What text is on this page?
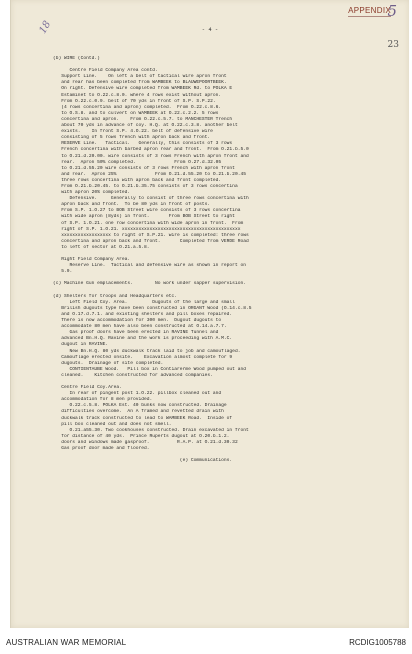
5
APPENDIX
23
18	- 4 -
(b) WIRE (Contd.)
Centre Field Company Area contd.
Support Line.    On left a belt of tactical wire apron front
and rear has been completed from WAMBEEK to BLAUWEPOORTBEEK.
On right. Defensive wire completed from WAMBEEK Rd. to POLKA E
Estaminet to O.22.c.8.0. where 4 rows exist without apron.
From O.22.c.0.9. belt of 70 yds in front of S.P. S.P.22.
(4 rows concertina and apron) completed.  From O.22.c.8.6.
to O.S.8. and to culvert on WAMBEEK at O.22.c.2.2. 5 rows
concertina and apron.    From O.22.c.5.7. to MANCHESTER Trench
about 70 yds in advance of coy. H.Q. at O.22.c.3.8. another belt
exists.    In front S.P. 4.O.22. belt of defensive wire
consisting of 5 rows french with apron back and front.
RESERVE Line.   Tactical.   Generally, this consists of 3 rows
French concertina with barbed apron rear and front.  From O.21.b.5.0
to O.21.d.20.00. wire consists of 3 rows French with apron front and
rear.  Apron 50% completed.              From O.27.d.32.05
to O.21.d.55.20 wire consists of 3 rows French with apron front
and rear.  Apron 25%              From O.21.d.55.20 to O.21.b.20.45
three rows concertina with apron back and front completed.
From O.21.b.20.45. to O.21.b.35.75 consists of 3 rows concertina
with apron 20% completed.
Defensive.     Generally to consist of three rows concertina with
apron back and front.  To be 80 yds in front of posts.
From S.P. 1.O.27 to BOB Street wire consists of 3 rows concertina
with wide apron (8yds) in front.       From BOB Street to right
of S.P. 1.O.21. one row concertina with wide apron in front.  From
right of S.P. 1.O.21. xxxxxxxxxxxxxxxxxxxxxxxxxxxxxxxxxxxxxxxxxxx
xxxxxxxxxxxxxxxxxx to right of S.P.21. wire is completed: three rows
concertina and apron back and front.       Completed from VERDE Road
to left of sector at O.21.a.5.8.
Right Field Company Area.
Reserve Line.  Tactical and defensive wire as shown in report on
5.9.
(c) Machine Gun emplacements.        No work under sapper supervision.
(d) Shelters for troops and Headquarters etc.
Left Field Coy. Area.         Dugouts of the large and small
Brilish dugouts type have been constructed in ORGANT Wood (O.14.c.8.5
and O.17.d.7.1. and existing shelters and pill boxes repaired.
There is now accommodation for 300 men.  Dugout dugouts to
accommodate 80 men have also been constructed at O.14.a.7.7.
Gas proof doors have been erected in RAVINE Tunnel and
advanced Bn.H.Q. Ravine and the work is proceeding with A.M.C.
dugout in RAVINE.
New Bn.H.Q. 80 yds duckwalk track laid to job and camouflaged.
Camouflage erected onsite.    Excavation almost complete for 9
dugouts.  Drainage of site completed.
CONTIENTAUBE Wood.   Pill box in Contiarerme Wood pumped out and
cleaned.    Kitchen constructed for advanced companies.
Centre Field Coy.Area.
In rear of pingent post 1.O.22. pillbox cleaned out and
accommodation for 8 men provided.
O.22.c.5.8. POLKA Est. 40 bunks now constructed. Drainage
difficulties overcome.  An A framed and revetted drain with
duckwalk track constructed to lead to WAMBEEK Road.  Inside of
pill box cleaned out and does not smell.
O.21.a55.30. Two cookhouses constructed. Drain excavated in front
for distance of 40 yds.  Prince Ruperts dugout at O.20.b.1.2.
doors and windows made gasproof.          R.A.P. at O.21.d.30.32
Gas proof door made and floored.
(e) Communications.
AUSTRALIAN WAR MEMORIAL	RCDIG1005788
